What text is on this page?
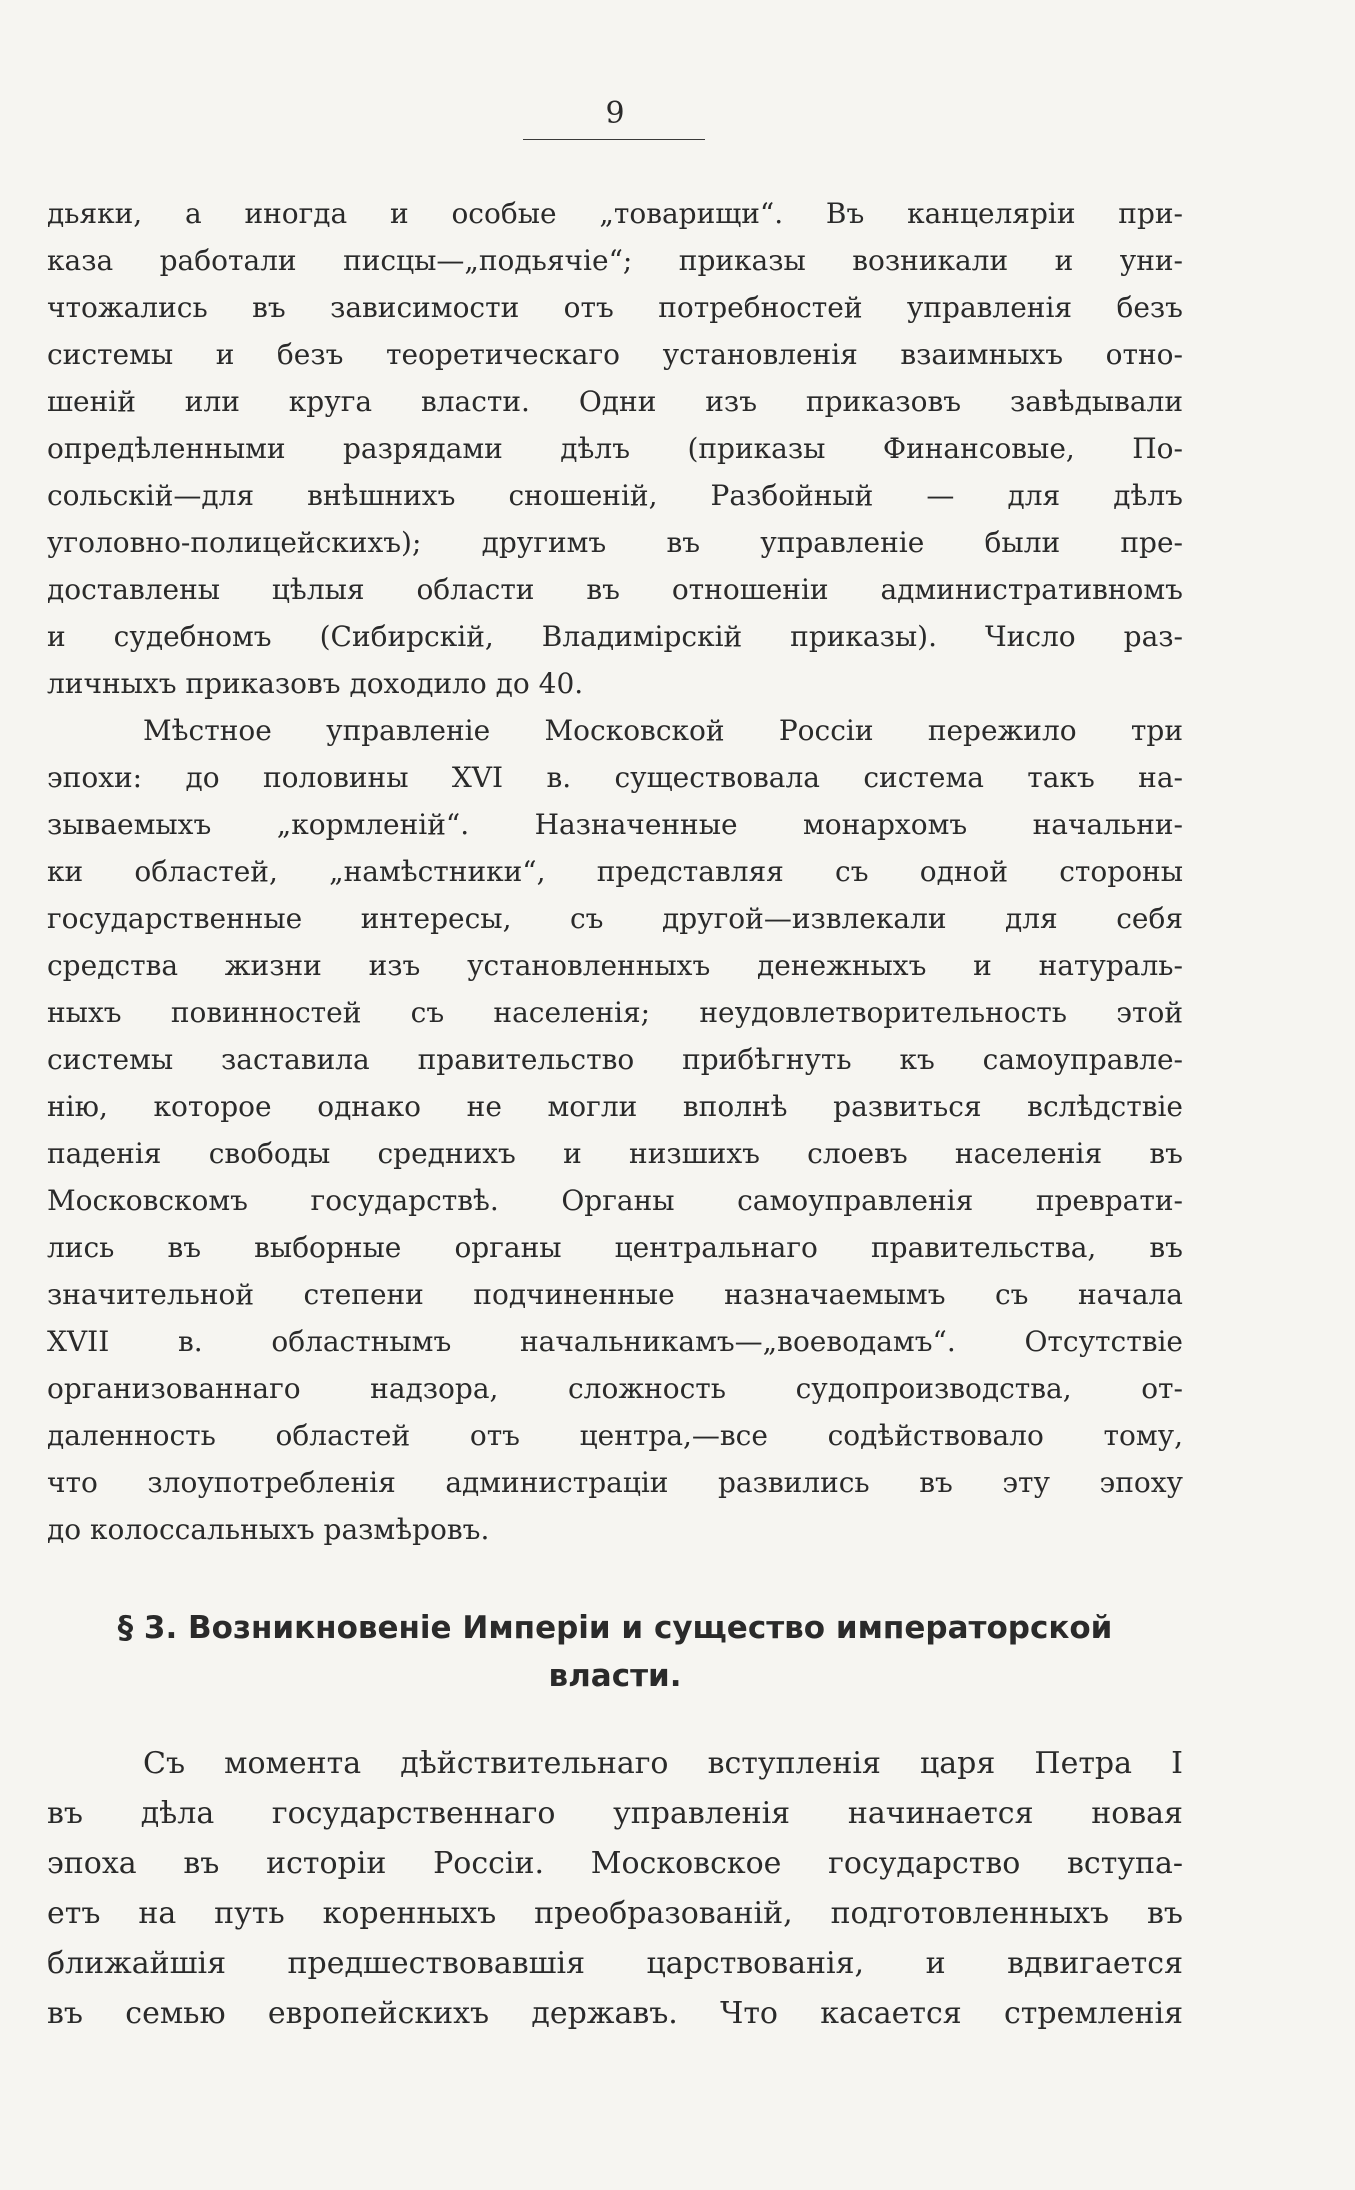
9
дьяки, а иногда и особые „товарищи“. Въ канцеляріи при-
каза работали писцы—„подьячіе“; приказы возникали и уни-
чтожались въ зависимости отъ потребностей управленія безъ
системы и безъ теоретическаго установленія взаимныхъ отно-
шеній или круга власти. Одни изъ приказовъ завѣдывали
опредѣленными разрядами дѣлъ (приказы Финансовые, По-
сольскій—для внѣшнихъ сношеній, Разбойный — для дѣлъ
уголовно-полицейскихъ); другимъ въ управленіе были пре-
доставлены цѣлыя области въ отношеніи административномъ
и судебномъ (Сибирскій, Владимірскій приказы). Число раз-
личныхъ приказовъ доходило до 40.
Мѣстное управленіе Московской Россіи пережило три
эпохи: до половины XVI в. существовала система такъ на-
зываемыхъ „кормленій“. Назначенные монархомъ начальни-
ки областей, „намѣстники“, представляя съ одной стороны
государственные интересы, съ другой—извлекали для себя
средства жизни изъ установленныхъ денежныхъ и натураль-
ныхъ повинностей съ населенія; неудовлетворительность этой
системы заставила правительство прибѣгнуть къ самоуправле-
нію, которое однако не могли вполнѣ развиться вслѣдствіе
паденія свободы среднихъ и низшихъ слоевъ населенія въ
Московскомъ государствѣ. Органы самоуправленія преврати-
лись въ выборные органы центральнаго правительства, въ
значительной степени подчиненные назначаемымъ съ начала
XVII в. областнымъ начальникамъ—„воеводамъ“. Отсутствіе
организованнаго надзора, сложность судопроизводства, от-
даленность областей отъ центра,—все содѣйствовало тому,
что злоупотребленія администраціи развились въ эту эпоху
до колоссальныхъ размѣровъ.
§ 3. Возникновеніе Имперіи и существо императорской
власти.
Съ момента дѣйствительнаго вступленія царя Петра I
въ дѣла государственнаго управленія начинается новая
эпоха въ исторіи Россіи. Московское государство вступа-
етъ на путь коренныхъ преобразованій, подготовленныхъ въ
ближайшія предшествовавшія царствованія, и вдвигается
въ семью европейскихъ державъ. Что касается стремленія
